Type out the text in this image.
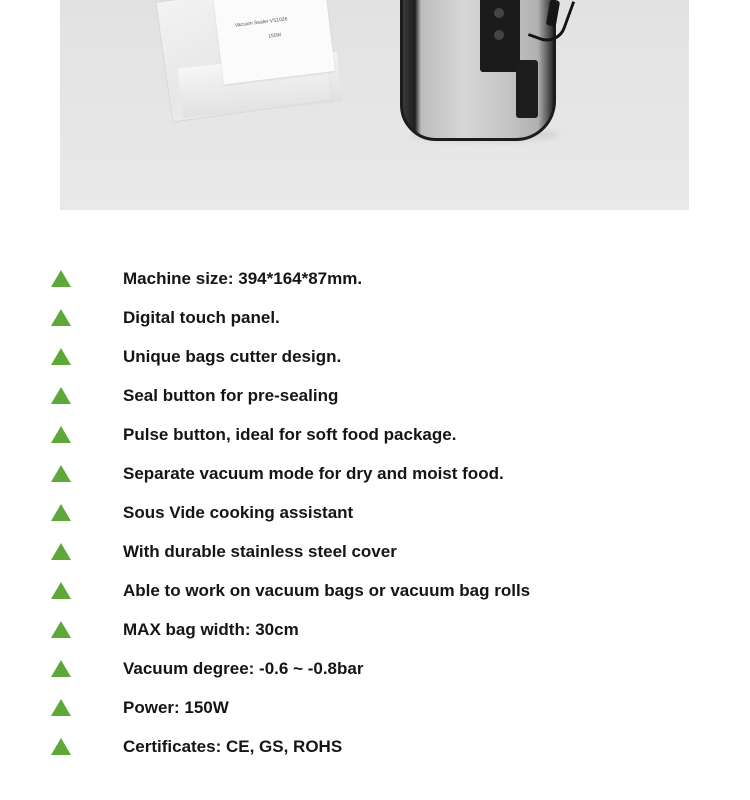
Vacuum Sealer VS1026
150W
Machine size: 394*164*87mm.
Digital touch panel.
Unique bags cutter design.
Seal button for pre-sealing
Pulse button, ideal for soft food package.
Separate vacuum mode for dry and moist food.
Sous Vide cooking assistant
With durable stainless steel cover
Able to work on vacuum bags or vacuum bag rolls
MAX bag width: 30cm
Vacuum degree: -0.6 ~ -0.8bar
Power: 150W
Certificates: CE, GS, ROHS
